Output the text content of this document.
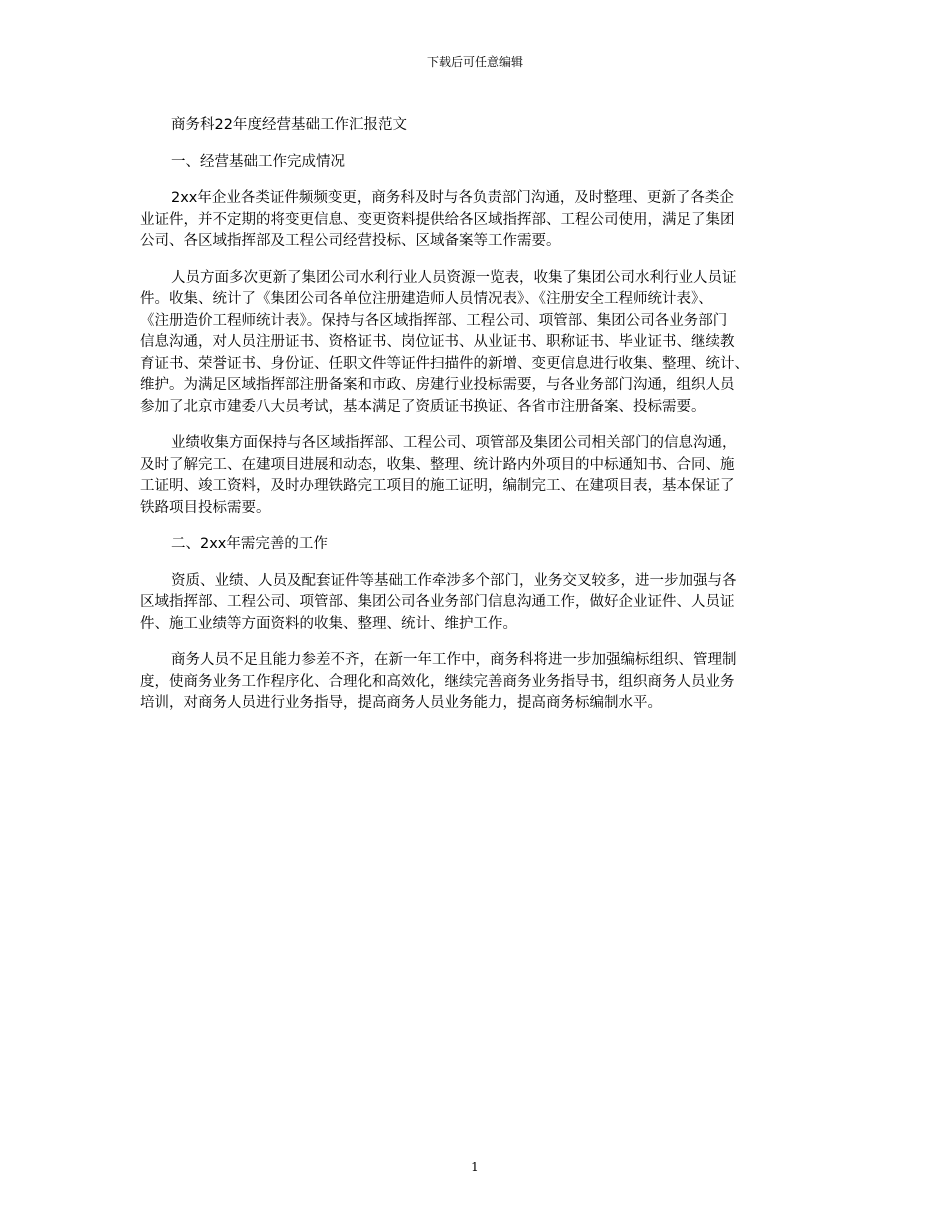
下载后可任意编辑

商务科22年度经营基础工作汇报范文

一、经营基础工作完成情况

2xx年企业各类证件频频变更，商务科及时与各负责部门沟通，及时整理、更新了各类企

业证件，并不定期的将变更信息、变更资料提供给各区域指挥部、工程公司使用，满足了集团

公司、各区域指挥部及工程公司经营投标、区域备案等工作需要。

人员方面多次更新了集团公司水利行业人员资源一览表，收集了集团公司水利行业人员证

件。收集、统计了《集团公司各单位注册建造师人员情况表》、《注册安全工程师统计表》、

《注册造价工程师统计表》。保持与各区域指挥部、工程公司、项管部、集团公司各业务部门

信息沟通，对人员注册证书、资格证书、岗位证书、从业证书、职称证书、毕业证书、继续教

育证书、荣誉证书、身份证、任职文件等证件扫描件的新增、变更信息进行收集、整理、统计、

维护。为满足区域指挥部注册备案和市政、房建行业投标需要，与各业务部门沟通，组织人员

参加了北京市建委八大员考试，基本满足了资质证书换证、各省市注册备案、投标需要。

业绩收集方面保持与各区域指挥部、工程公司、项管部及集团公司相关部门的信息沟通，

及时了解完工、在建项目进展和动态，收集、整理、统计路内外项目的中标通知书、合同、施

工证明、竣工资料，及时办理铁路完工项目的施工证明，编制完工、在建项目表，基本保证了

铁路项目投标需要。

二、2xx年需完善的工作

资质、业绩、人员及配套证件等基础工作牵涉多个部门，业务交叉较多，进一步加强与各

区域指挥部、工程公司、项管部、集团公司各业务部门信息沟通工作，做好企业证件、人员证

件、施工业绩等方面资料的收集、整理、统计、维护工作。

商务人员不足且能力参差不齐，在新一年工作中，商务科将进一步加强编标组织、管理制

度，使商务业务工作程序化、合理化和高效化，继续完善商务业务指导书，组织商务人员业务

培训，对商务人员进行业务指导，提高商务人员业务能力，提高商务标编制水平。

1
